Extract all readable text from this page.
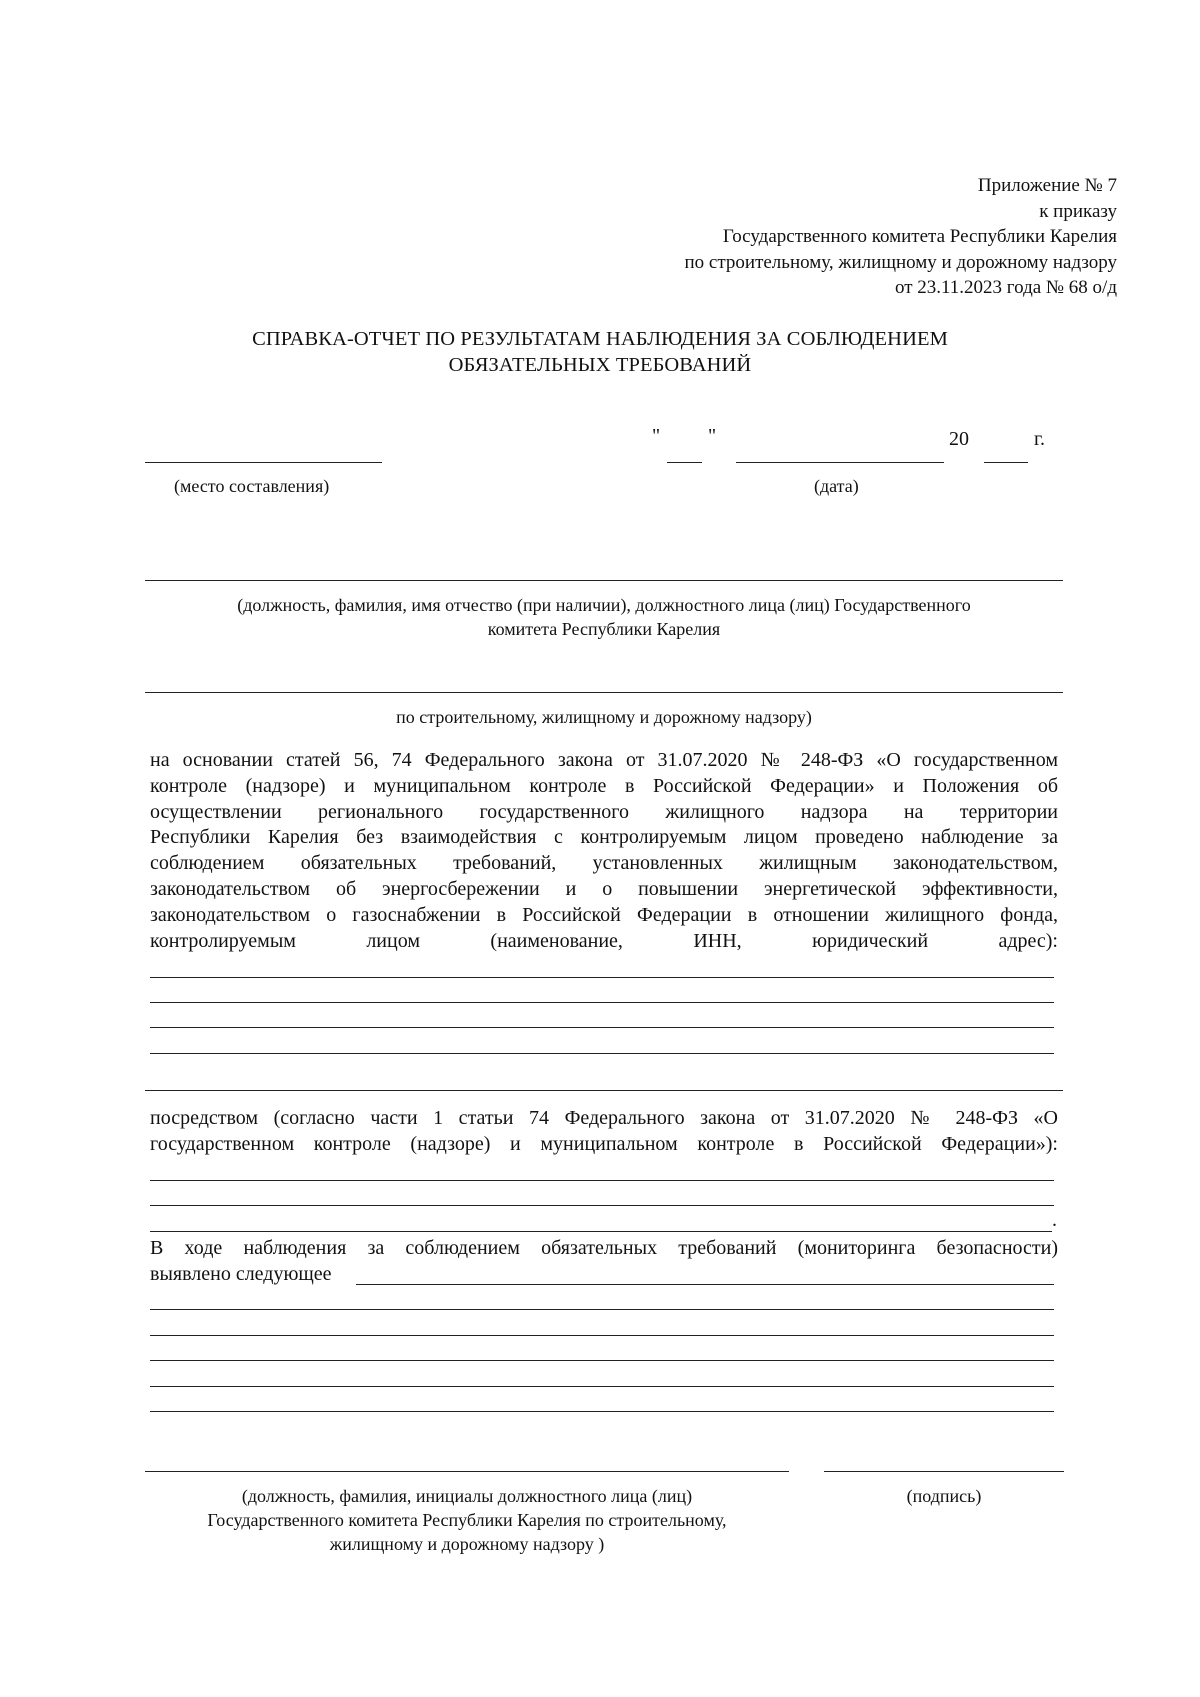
Приложение № 7
к приказу
Государственного комитета Республики Карелия
по строительному, жилищному и дорожному надзору
от 23.11.2023 года № 68 о/д
СПРАВКА-ОТЧЕТ ПО РЕЗУЛЬТАТАМ НАБЛЮДЕНИЯ ЗА СОБЛЮДЕНИЕМ
ОБЯЗАТЕЛЬНЫХ ТРЕБОВАНИЙ
" "	20	г.
(место составления)	(дата)
(должность, фамилия, имя отчество (при наличии), должностного лица (лиц) Государственного
комитета Республики Карелия
по строительному, жилищному и дорожному надзору)
на основании статей 56, 74 Федерального закона от 31.07.2020 № 248-ФЗ «О государственном
контроле (надзоре) и муниципальном контроле в Российской Федерации» и Положения об
осуществлении регионального государственного жилищного надзора на территории
Республики Карелия без взаимодействия с контролируемым лицом проведено наблюдение за
соблюдением обязательных требований, установленных жилищным законодательством,
законодательством об энергосбережении и о повышении энергетической эффективности,
законодательством о газоснабжении в Российской Федерации в отношении жилищного фонда,
контролируемым	лицом	(наименование,	ИНН,	юридический	адрес):
посредством (согласно части 1 статьи 74 Федерального закона от 31.07.2020 № 248-ФЗ «О
государственном контроле (надзоре) и муниципальном контроле в Российской Федерации»):
.
В ходе наблюдения за соблюдением обязательных требований (мониторинга безопасности)
выявлено следующее
(должность, фамилия, инициалы должностного лица (лиц)
Государственного комитета Республики Карелия по строительному,
жилищному и дорожному надзору )
(подпись)
